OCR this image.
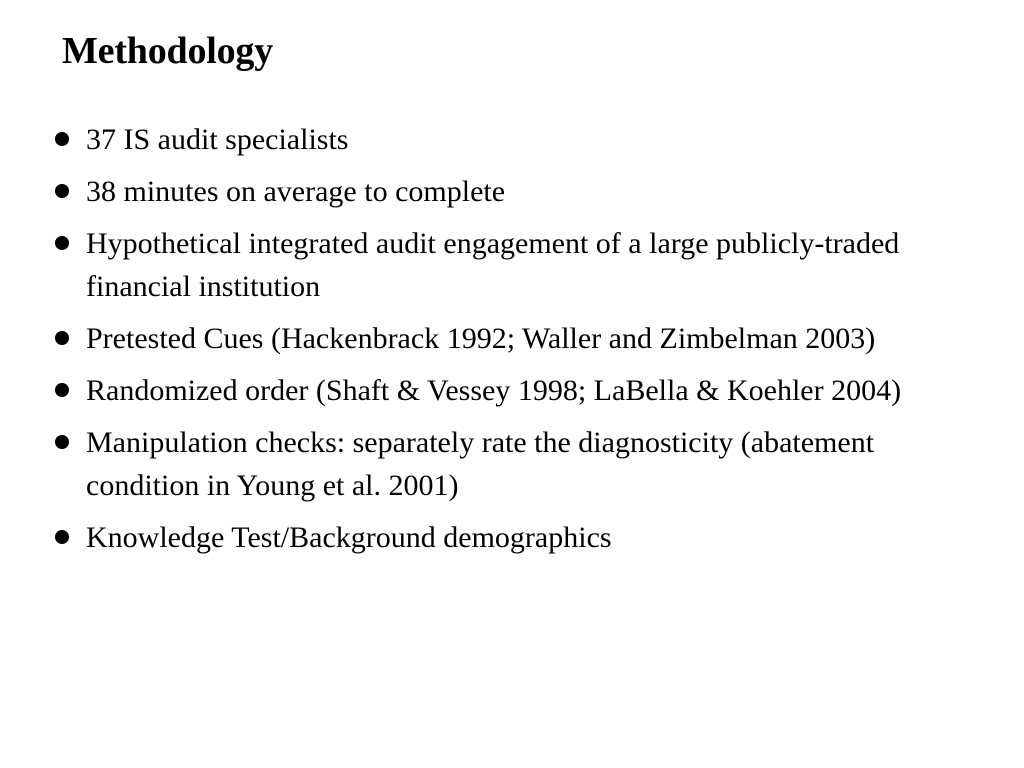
Methodology
37 IS audit specialists
38 minutes on average to complete
Hypothetical integrated audit engagement of a large publicly-traded financial institution
Pretested Cues (Hackenbrack 1992; Waller and Zimbelman 2003)
Randomized order (Shaft & Vessey 1998; LaBella & Koehler 2004)
Manipulation checks: separately rate the diagnosticity (abatement condition in Young et al. 2001)
Knowledge Test/Background demographics
